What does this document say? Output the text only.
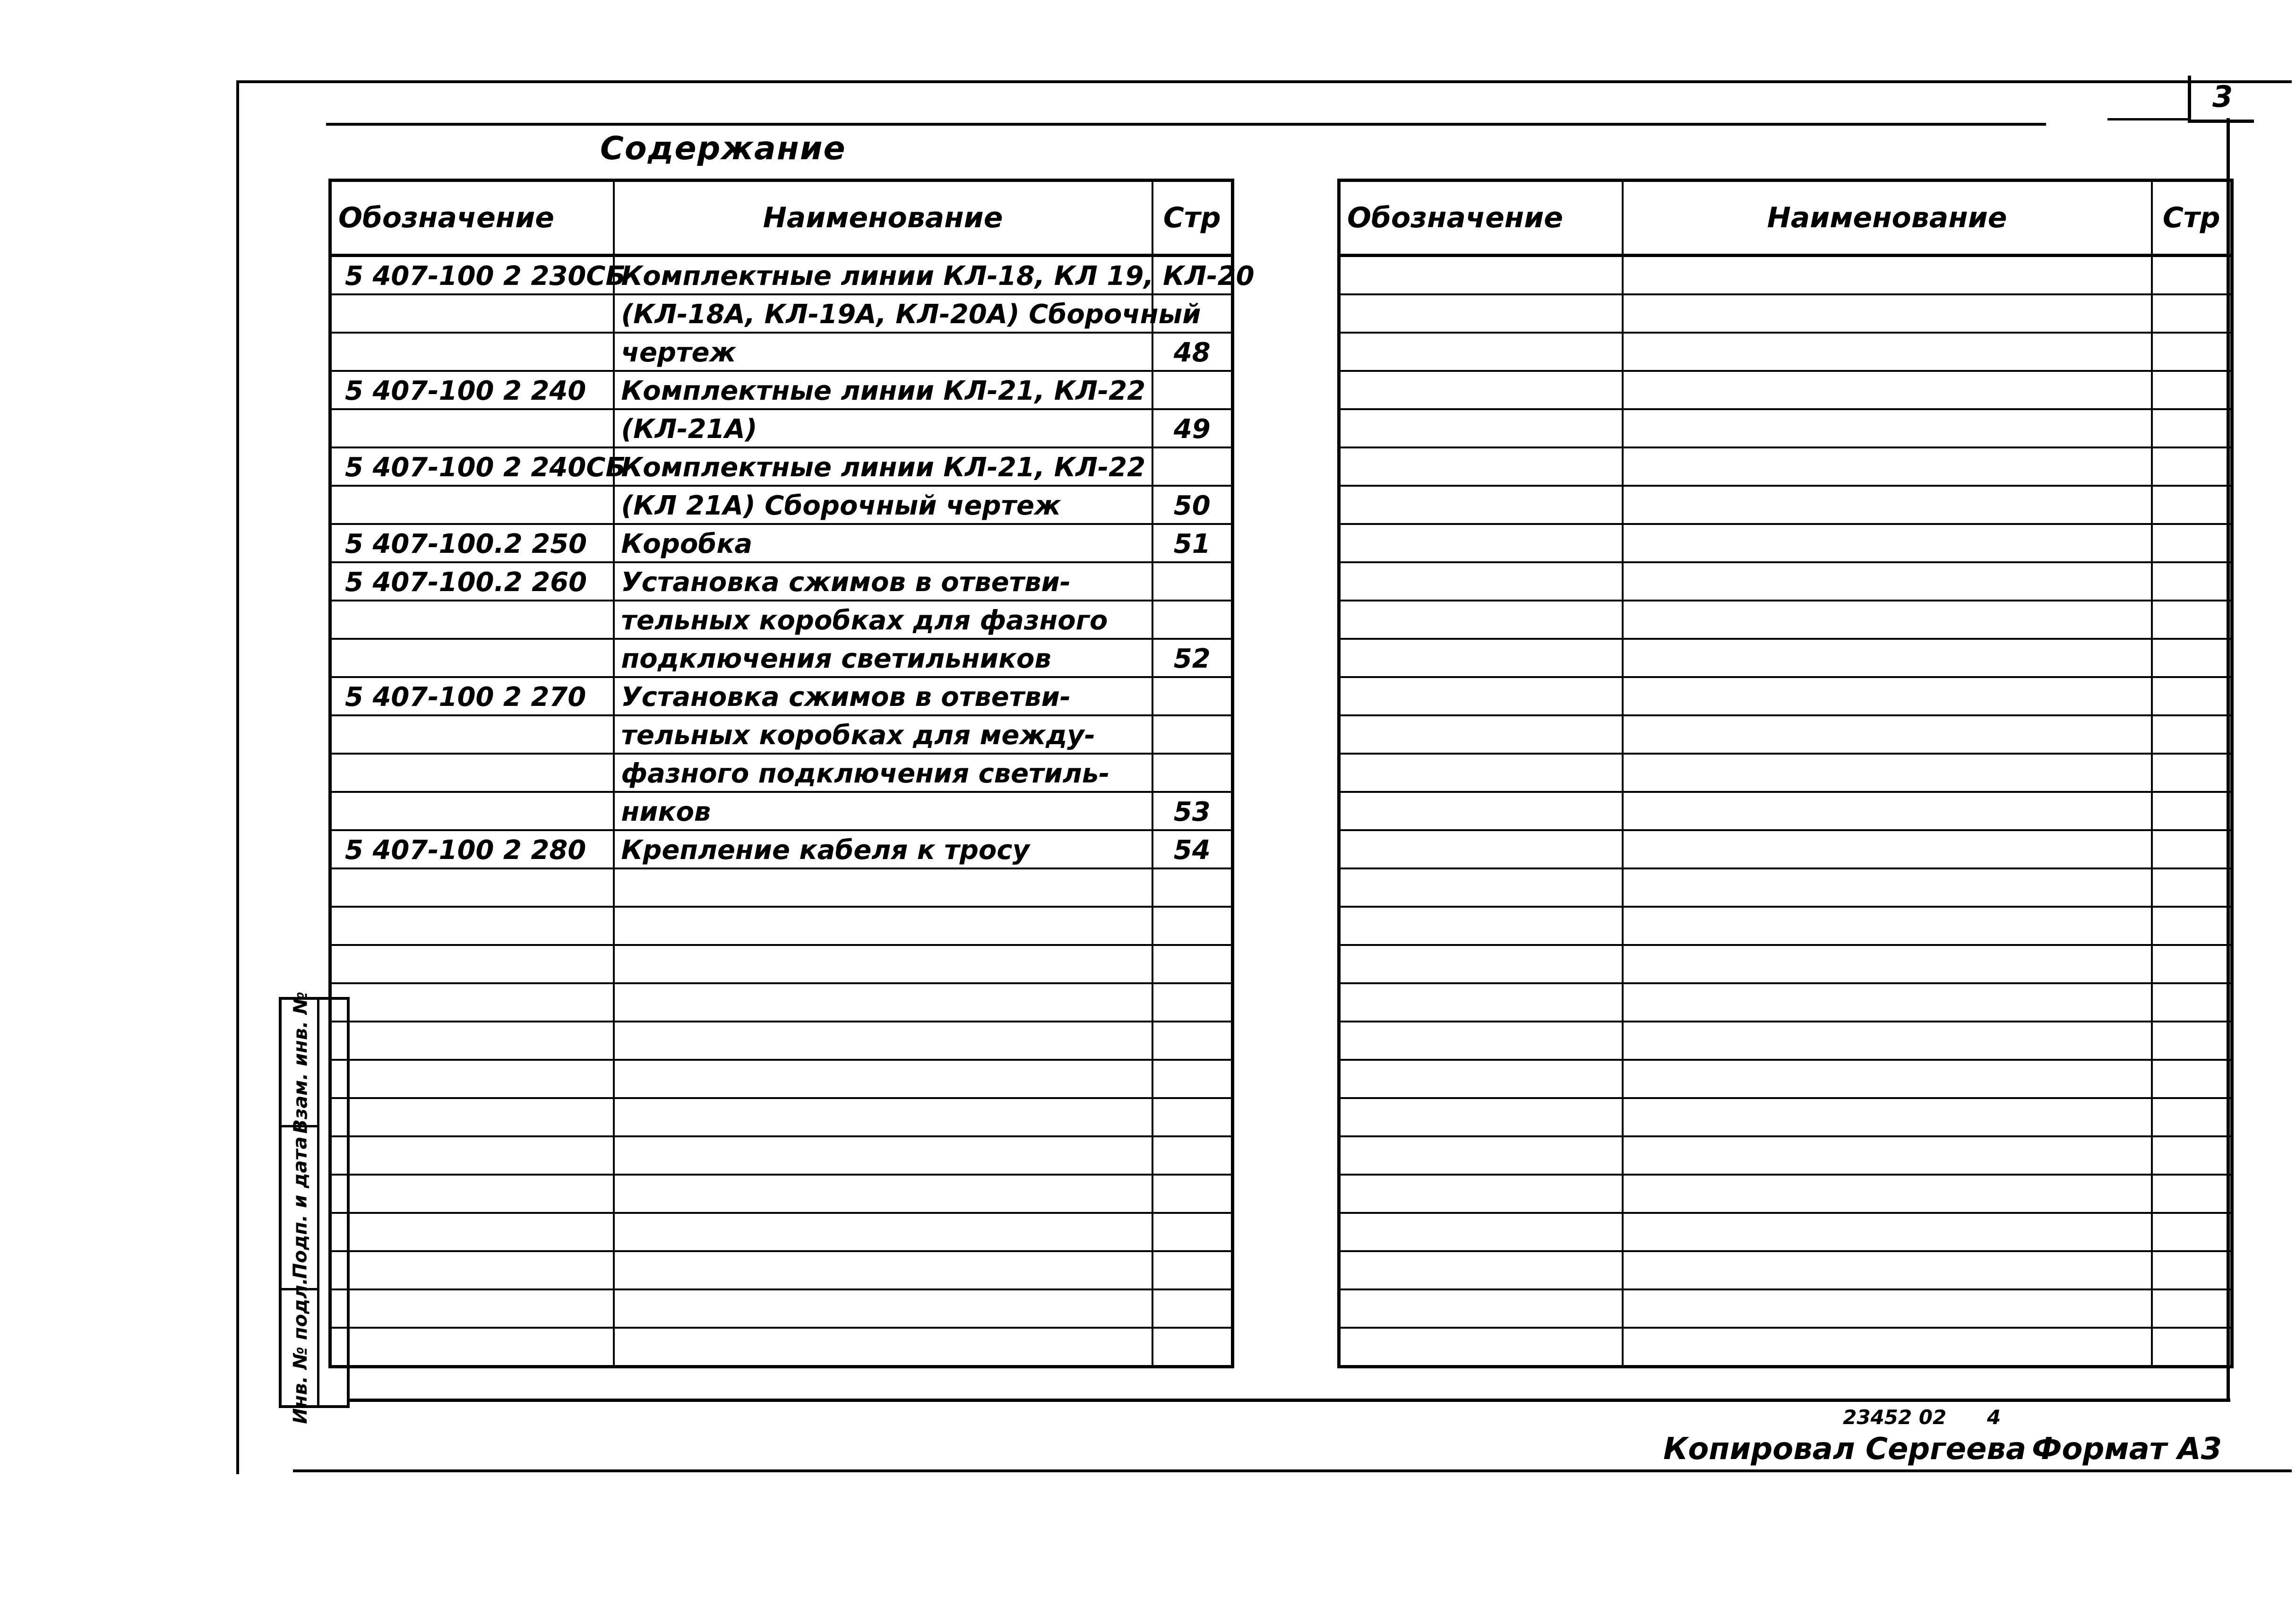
3
Содержание
Обозначение	Наименование	Стр
5 407-100 2 230СБ	Комплектные линии КЛ-18, КЛ 19, КЛ-20	
	(КЛ-18А, КЛ-19А, КЛ-20А) Сборочный	
	чертеж	48
5 407-100 2 240	Комплектные линии КЛ-21, КЛ-22	
	(КЛ-21А)	49
5 407-100 2 240СБ	Комплектные линии КЛ-21, КЛ-22	
	(КЛ 21А) Сборочный чертеж	50
5 407-100.2 250	Коробка	51
5 407-100.2 260	Установка сжимов в ответви-	
	тельных коробках для фазного	
	подключения светильников	52
5 407-100 2 270	Установка сжимов в ответви-	
	тельных коробках для между-	
	фазного подключения светиль-	
	ников	53
5 407-100 2 280	Крепление кабеля к тросу	54

Обозначение	Наименование	Стр

Взам. инв. №
Подп. и дата
Инв. № подл.	23452 02 4
Копировал Сергеева Формат А3
